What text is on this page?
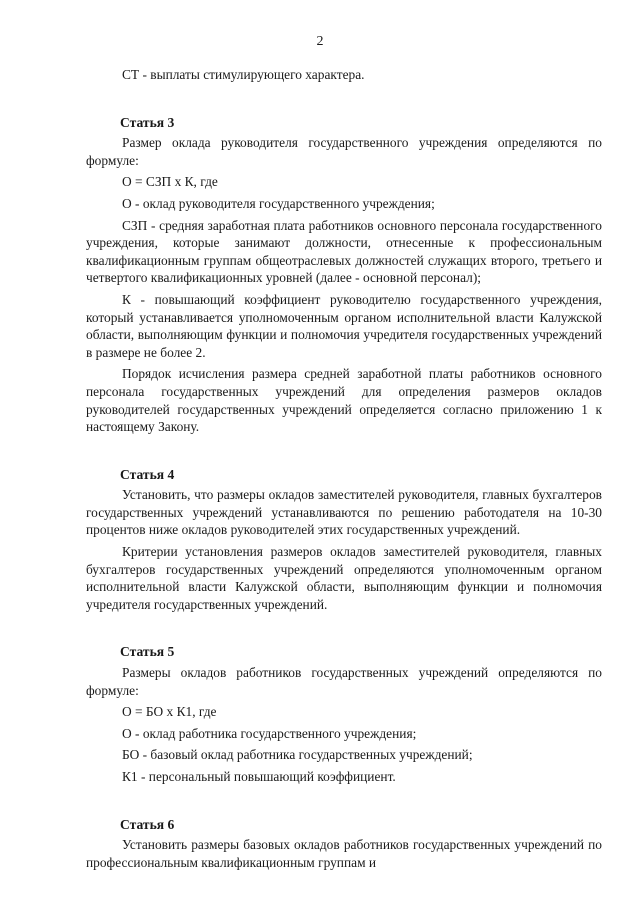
2

СТ - выплаты стимулирующего характера.

Статья 3

Размер оклада руководителя государственного учреждения определяются по формуле:

О = СЗП х К, где

О - оклад руководителя государственного учреждения;

СЗП - средняя заработная плата работников основного персонала государственного учреждения, которые занимают должности, отнесенные к профессиональным квалификационным группам общеотраслевых должностей служащих второго, третьего и четвертого квалификационных уровней (далее - основной персонал);

К - повышающий коэффициент руководителю государственного учреждения, который устанавливается уполномоченным органом исполнительной власти Калужской области, выполняющим функции и полномочия учредителя государственных учреждений в размере не более 2.

Порядок исчисления размера средней заработной платы работников основного персонала государственных учреждений для определения размеров окладов руководителей государственных учреждений определяется согласно приложению 1 к настоящему Закону.

Статья 4

Установить, что размеры окладов заместителей руководителя, главных бухгалтеров государственных учреждений устанавливаются по решению работодателя на 10-30 процентов ниже окладов руководителей этих государственных учреждений.

Критерии установления размеров окладов заместителей руководителя, главных бухгалтеров государственных учреждений определяются уполномоченным органом исполнительной власти Калужской области, выполняющим функции и полномочия учредителя государственных учреждений.

Статья 5

Размеры окладов работников государственных учреждений определяются по формуле:

О = БО х К1, где

О - оклад работника государственного учреждения;

БО - базовый оклад работника государственных учреждений;

К1 - персональный повышающий коэффициент.

Статья 6

Установить размеры базовых окладов работников государственных учреждений по профессиональным квалификационным группам и
